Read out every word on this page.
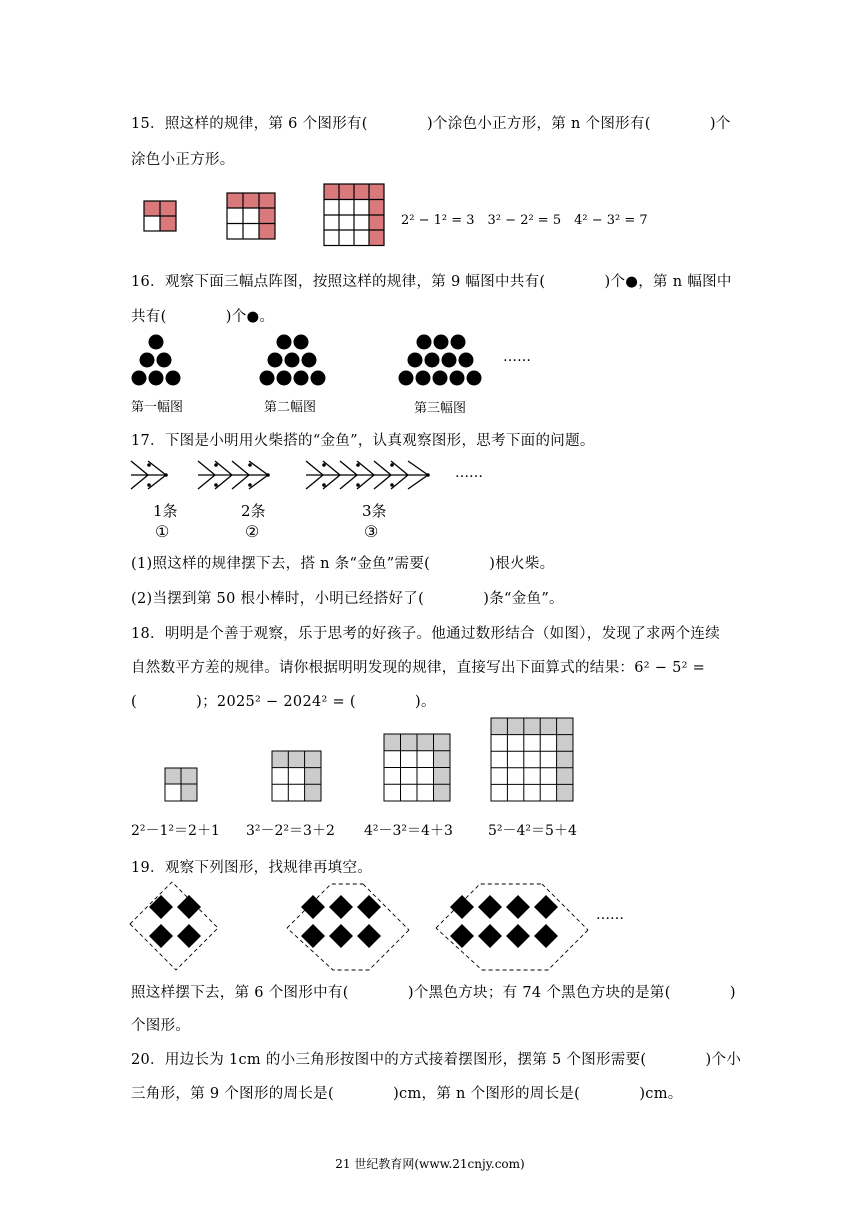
15．照这样的规律，第 6 个图形有(　　　　)个涂色小正方形，第 n 个图形有(　　　　)个
涂色小正方形。
2² − 1² = 3　3² − 2² = 5　4² − 3² = 7
16．观察下面三幅点阵图，按照这样的规律，第 9 幅图中共有(　　　　)个●，第 n 幅图中
共有(　　　　)个●。
第一幅图	第二幅图	第三幅图
……
17．下图是小明用火柴搭的“金鱼”，认真观察图形，思考下面的问题。
……
1条	2条	3条
①	②	③
(1)照这样的规律摆下去，搭 n 条“金鱼”需要(　　　　)根火柴。
(2)当摆到第 50 根小棒时，小明已经搭好了(　　　　)条“金鱼”。
18．明明是个善于观察，乐于思考的好孩子。他通过数形结合（如图），发现了求两个连续
自然数平方差的规律。请你根据明明发现的规律，直接写出下面算式的结果：6² − 5² =
(　　　　)；2025² − 2024² = (　　　　)。
2²－1²＝2＋1 3²－2²＝3＋2 4²－3²＝4＋3	5²－4²＝5＋4
19．观察下列图形，找规律再填空。
……
照这样摆下去，第 6 个图形中有(　　　　)个黑色方块；有 74 个黑色方块的是第(　　　　)
个图形。
20．用边长为 1cm 的小三角形按图中的方式接着摆图形，摆第 5 个图形需要(　　　　)个小
三角形，第 9 个图形的周长是(　　　　)cm，第 n 个图形的周长是(　　　　)cm。
21 世纪教育网(www.21cnjy.com)
